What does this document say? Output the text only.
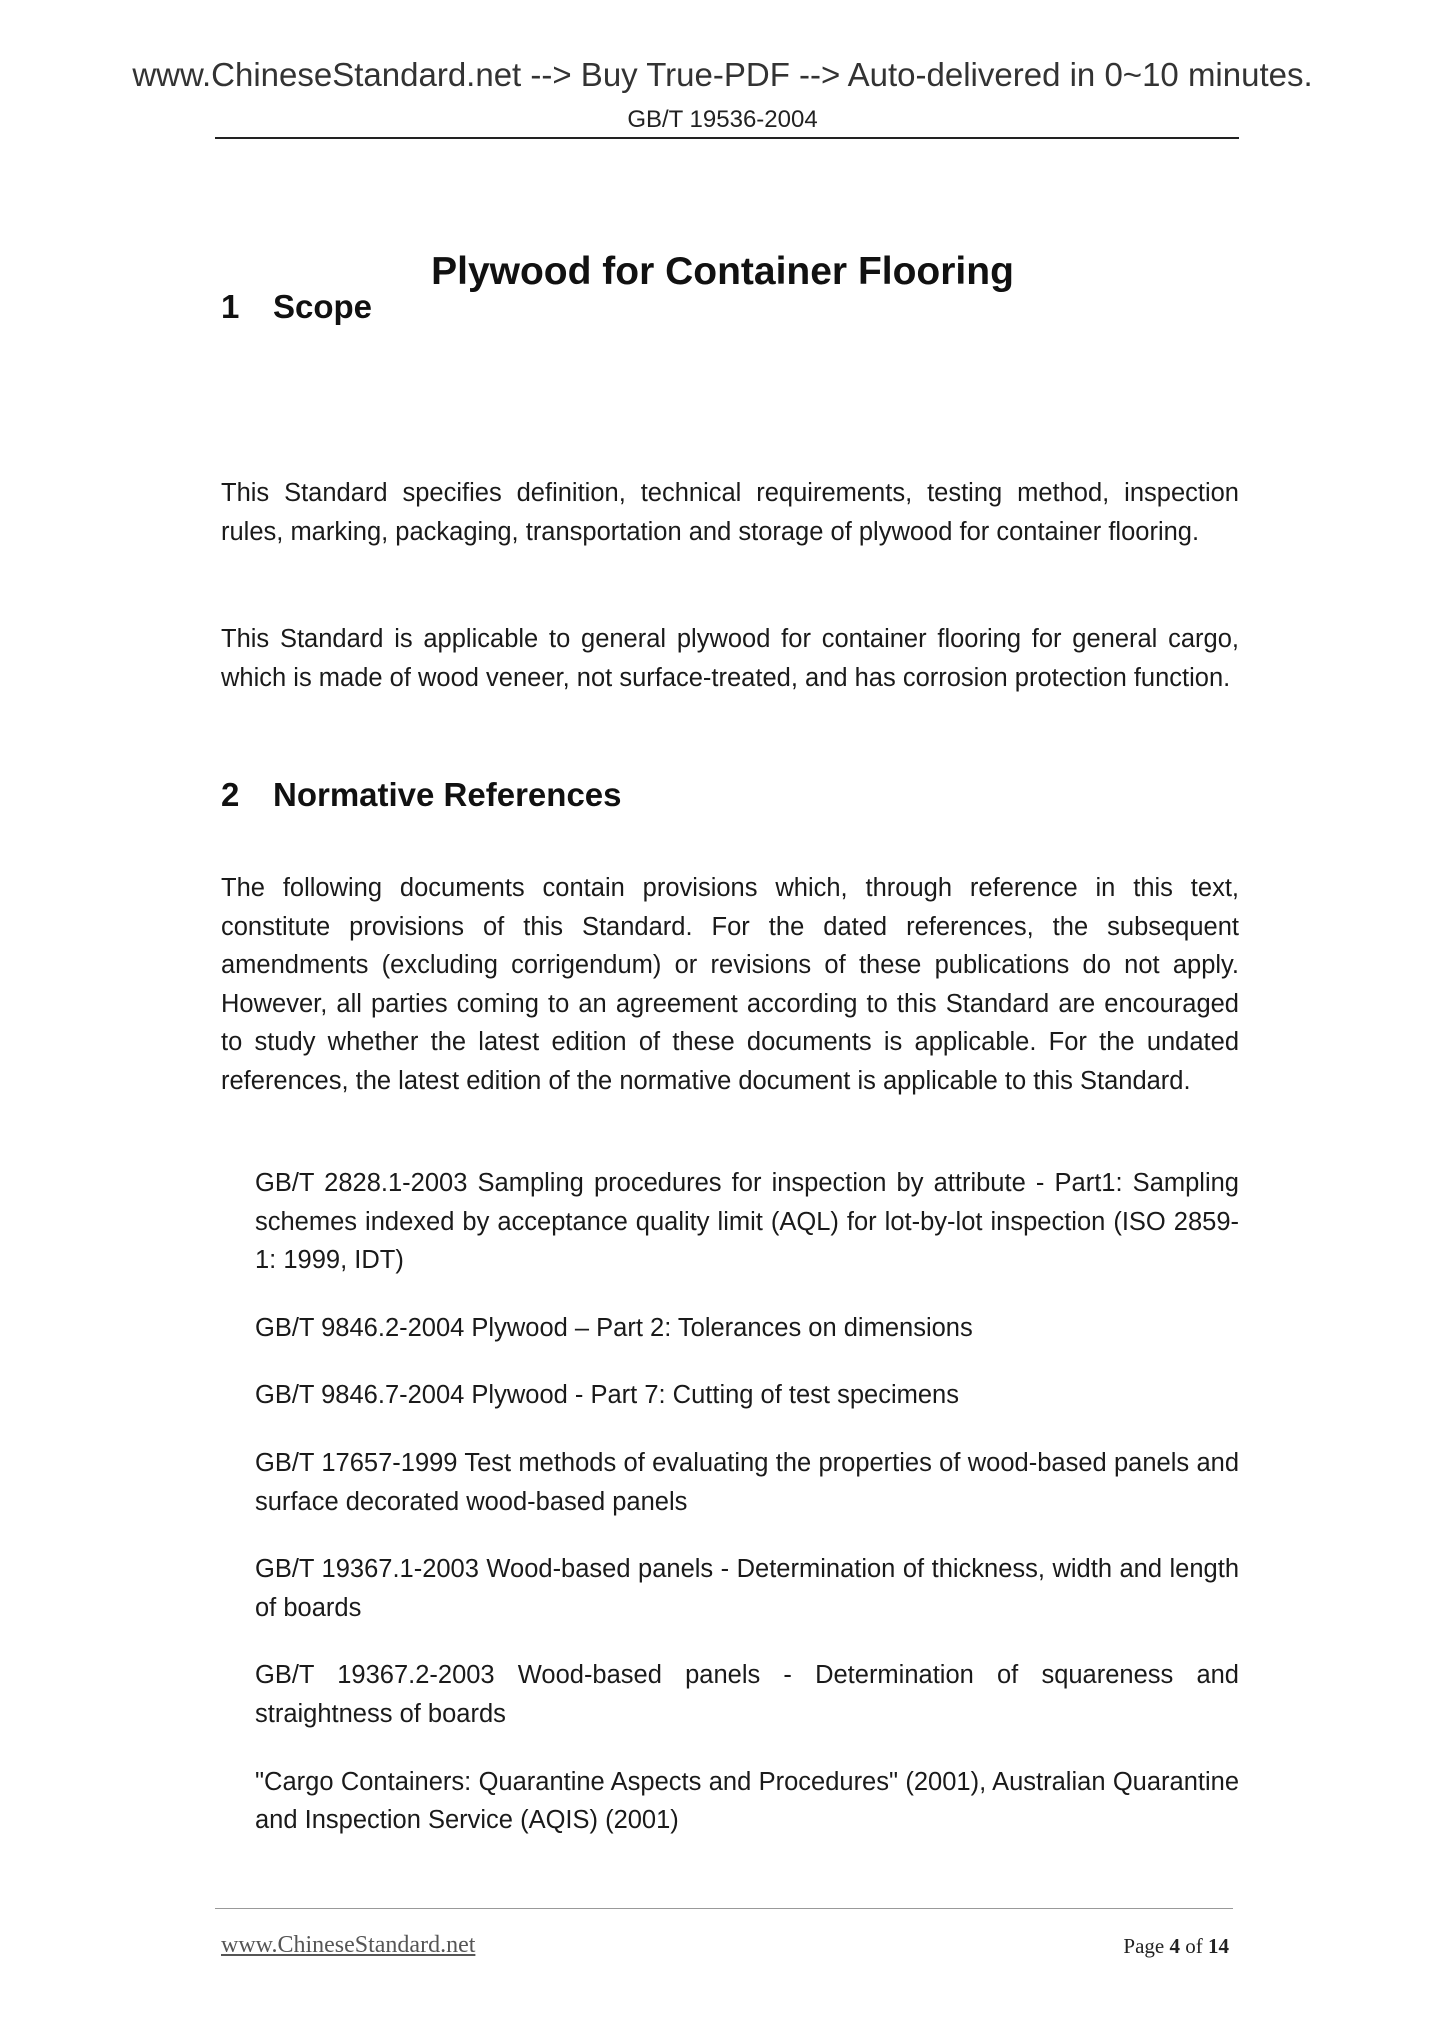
www.ChineseStandard.net --> Buy True-PDF --> Auto-delivered in 0~10 minutes.
GB/T 19536-2004
Plywood for Container Flooring
1 Scope
This Standard specifies definition, technical requirements, testing method, inspection rules, marking, packaging, transportation and storage of plywood for container flooring.
This Standard is applicable to general plywood for container flooring for general cargo, which is made of wood veneer, not surface-treated, and has corrosion protection function.
2 Normative References
The following documents contain provisions which, through reference in this text, constitute provisions of this Standard. For the dated references, the subsequent amendments (excluding corrigendum) or revisions of these publications do not apply. However, all parties coming to an agreement according to this Standard are encouraged to study whether the latest edition of these documents is applicable. For the undated references, the latest edition of the normative document is applicable to this Standard.
GB/T 2828.1-2003 Sampling procedures for inspection by attribute - Part1: Sampling schemes indexed by acceptance quality limit (AQL) for lot-by-lot inspection (ISO 2859-1: 1999, IDT)
GB/T 9846.2-2004 Plywood – Part 2: Tolerances on dimensions
GB/T 9846.7-2004 Plywood - Part 7: Cutting of test specimens
GB/T 17657-1999 Test methods of evaluating the properties of wood-based panels and surface decorated wood-based panels
GB/T 19367.1-2003 Wood-based panels - Determination of thickness, width and length of boards
GB/T 19367.2-2003 Wood-based panels - Determination of squareness and straightness of boards
"Cargo Containers: Quarantine Aspects and Procedures" (2001), Australian Quarantine and Inspection Service (AQIS) (2001)
www.ChineseStandard.net	Page 4 of 14
